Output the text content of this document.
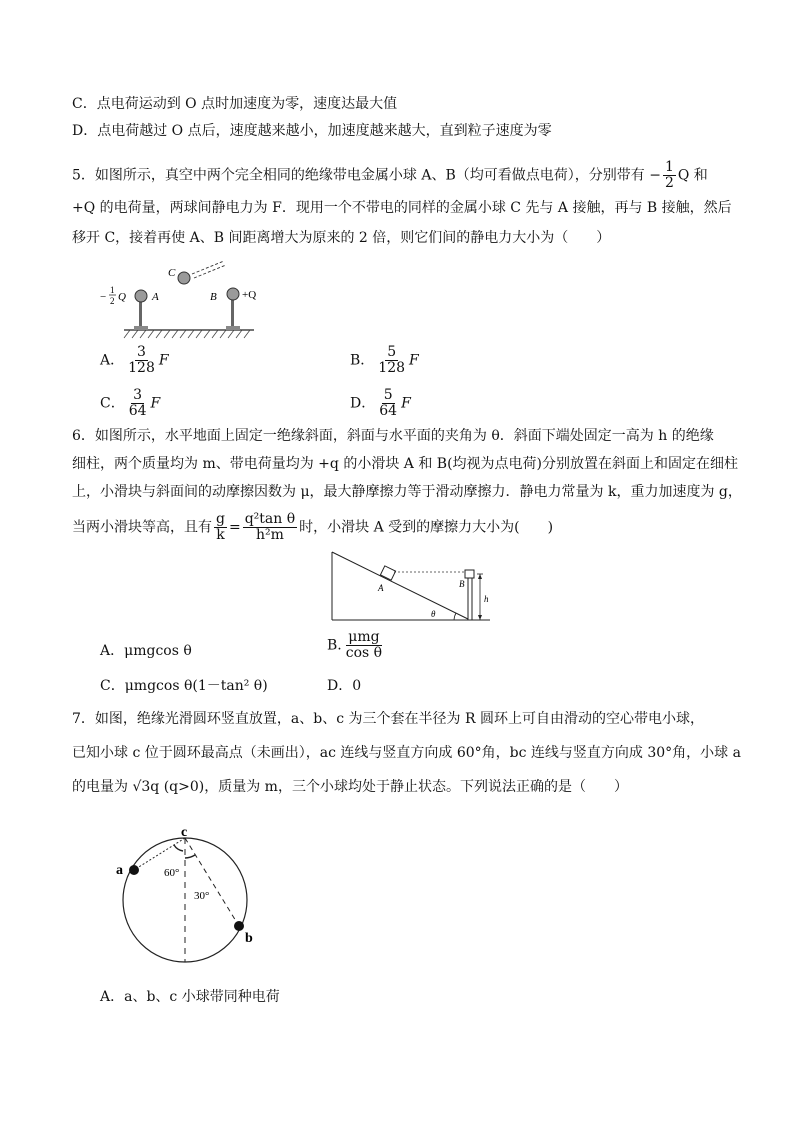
C．点电荷运动到 O 点时加速度为零，速度达最大值
D．点电荷越过 O 点后，速度越来越小，加速度越来越大，直到粒子速度为零
5．如图所示，真空中两个完全相同的绝缘带电金属小球 A、B（均可看做点电荷），分别带有 − $\frac{1}{2}$ Q 和
+Q 的电荷量，两球间静电力为 F．现用一个不带电的同样的金属小球 C 先与 A 接触，再与 B 接触，然后
移开 C，接着再使 A、B 间距离增大为原来的 2 倍，则它们间的静电力大小为（　　）
C
−
1
2 Q A	B +Q
A． $\frac{3}{128}$ F	B． $\frac{5}{128}$ F
C． $\frac{3}{64}$ F	D． $\frac{5}{64}$ F
6．如图所示，水平地面上固定一绝缘斜面，斜面与水平面的夹角为 θ．斜面下端处固定一高为 h 的绝缘
细柱，两个质量均为 m、带电荷量均为 +q 的小滑块 A 和 B(均视为点电荷)分别放置在斜面上和固定在细柱
上，小滑块与斜面间的动摩擦因数为 μ，最大静摩擦力等于滑动摩擦力．静电力常量为 k，重力加速度为 g，
当两小滑块等高，且有 $\frac{g}{k} = \frac{\text{q²tan θ}}{\text{h²m}}$ 时，小滑块 A 受到的摩擦力大小为(　　)
A	B
θ
h
A．μmgcos θ	B. $\frac{\text{μmg}}{\text{cos θ}}$
C．μmgcos θ(1－tan² θ)	D．0
7．如图，绝缘光滑圆环竖直放置，a、b、c 为三个套在半径为 R 圆环上可自由滑动的空心带电小球，
已知小球 c 位于圆环最高点（未画出），ac 连线与竖直方向成 60°角，bc 连线与竖直方向成 30°角，小球 a
的电量为 √3q (q>0)，质量为 m，三个小球均处于静止状态。下列说法正确的是（　　）
c
a
b
60°
30°
A．a、b、c 小球带同种电荷
